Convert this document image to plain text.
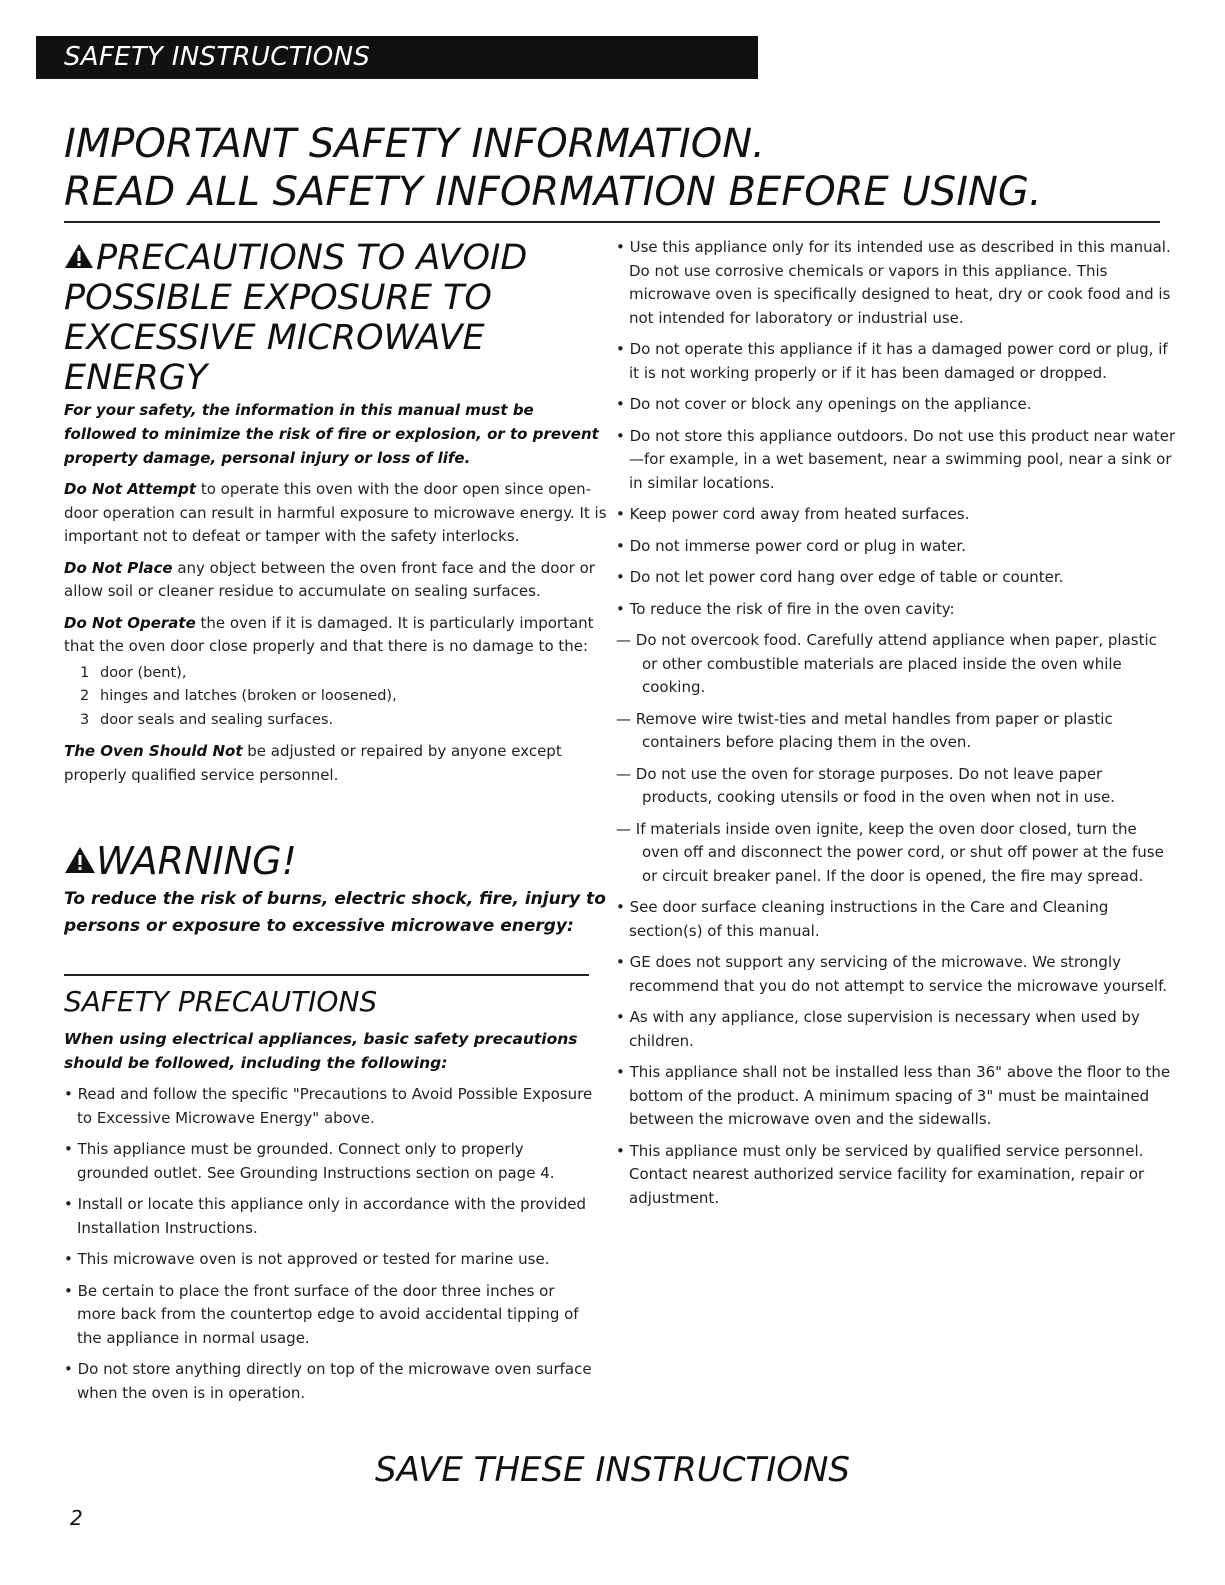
SAFETY INSTRUCTIONS
IMPORTANT SAFETY INFORMATION.
READ ALL SAFETY INFORMATION BEFORE USING.
PRECAUTIONS TO AVOID
POSSIBLE EXPOSURE TO
EXCESSIVE MICROWAVE
ENERGY
For your safety, the information in this manual must be followed to minimize the risk of fire or explosion, or to prevent property damage, personal injury or loss of life.
Do Not Attempt to operate this oven with the door open since open-door operation can result in harmful exposure to microwave energy. It is important not to defeat or tamper with the safety interlocks.
Do Not Place any object between the oven front face and the door or allow soil or cleaner residue to accumulate on sealing surfaces.
Do Not Operate the oven if it is damaged. It is particularly important that the oven door close properly and that there is no damage to the:
1 door (bent),
2 hinges and latches (broken or loosened),
3 door seals and sealing surfaces.
The Oven Should Not be adjusted or repaired by anyone except properly qualified service personnel.
WARNING!
To reduce the risk of burns, electric shock, fire, injury to persons or exposure to excessive microwave energy:
SAFETY PRECAUTIONS
When using electrical appliances, basic safety precautions should be followed, including the following:
• Read and follow the specific "Precautions to Avoid Possible Exposure to Excessive Microwave Energy" above.
• This appliance must be grounded. Connect only to properly grounded outlet. See Grounding Instructions section on page 4.
• Install or locate this appliance only in accordance with the provided Installation Instructions.
• This microwave oven is not approved or tested for marine use.
• Be certain to place the front surface of the door three inches or more back from the countertop edge to avoid accidental tipping of the appliance in normal usage.
• Do not store anything directly on top of the microwave oven surface when the oven is in operation.
• Use this appliance only for its intended use as described in this manual. Do not use corrosive chemicals or vapors in this appliance. This microwave oven is specifically designed to heat, dry or cook food and is not intended for laboratory or industrial use.
• Do not operate this appliance if it has a damaged power cord or plug, if it is not working properly or if it has been damaged or dropped.
• Do not cover or block any openings on the appliance.
• Do not store this appliance outdoors. Do not use this product near water—for example, in a wet basement, near a swimming pool, near a sink or in similar locations.
• Keep power cord away from heated surfaces.
• Do not immerse power cord or plug in water.
• Do not let power cord hang over edge of table or counter.
• To reduce the risk of fire in the oven cavity:
— Do not overcook food. Carefully attend appliance when paper, plastic or other combustible materials are placed inside the oven while cooking.
— Remove wire twist-ties and metal handles from paper or plastic containers before placing them in the oven.
— Do not use the oven for storage purposes. Do not leave paper products, cooking utensils or food in the oven when not in use.
— If materials inside oven ignite, keep the oven door closed, turn the oven off and disconnect the power cord, or shut off power at the fuse or circuit breaker panel. If the door is opened, the fire may spread.
• See door surface cleaning instructions in the Care and Cleaning section(s) of this manual.
• GE does not support any servicing of the microwave. We strongly recommend that you do not attempt to service the microwave yourself.
• As with any appliance, close supervision is necessary when used by children.
• This appliance shall not be installed less than 36" above the floor to the bottom of the product. A minimum spacing of 3" must be maintained between the microwave oven and the sidewalls.
• This appliance must only be serviced by qualified service personnel. Contact nearest authorized service facility for examination, repair or adjustment.
SAVE THESE INSTRUCTIONS
2
